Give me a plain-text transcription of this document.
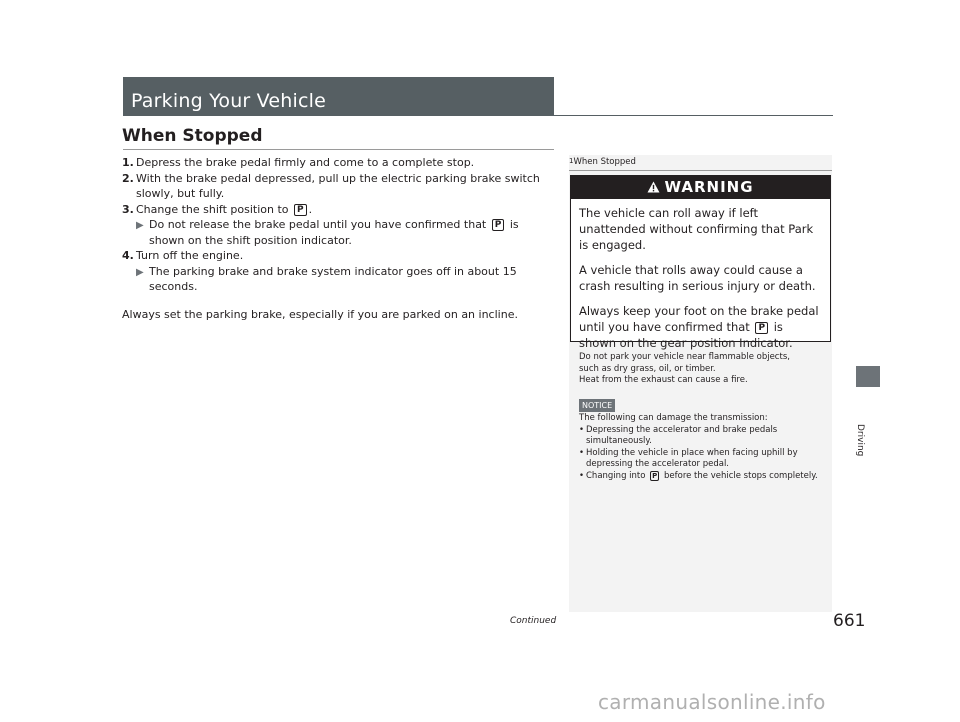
Parking Your Vehicle
When Stopped
1. Depress the brake pedal firmly and come to a complete stop.
2. With the brake pedal depressed, pull up the electric parking brake switch slowly, but fully.
3. Change the shift position to P .
▶ Do not release the brake pedal until you have confirmed that P is shown on the shift position indicator.
4. Turn off the engine.
▶ The parking brake and brake system indicator goes off in about 15 seconds.
Always set the parking brake, especially if you are parked on an incline.
1When Stopped
WARNING

The vehicle can roll away if left unattended without confirming that Park is engaged.

A vehicle that rolls away could cause a crash resulting in serious injury or death.

Always keep your foot on the brake pedal until you have confirmed that P is shown on the gear position Indicator.

Do not park your vehicle near flammable objects,

such as dry grass, oil, or timber.

Heat from the exhaust can cause a fire.

NOTICE

The following can damage the transmission:

• Depressing the accelerator and brake pedals simultaneously.
• Holding the vehicle in place when facing uphill by depressing the accelerator pedal.
• Changing into P before the vehicle stops completely.
Driving
Continued	661
carmanualsonline.info
